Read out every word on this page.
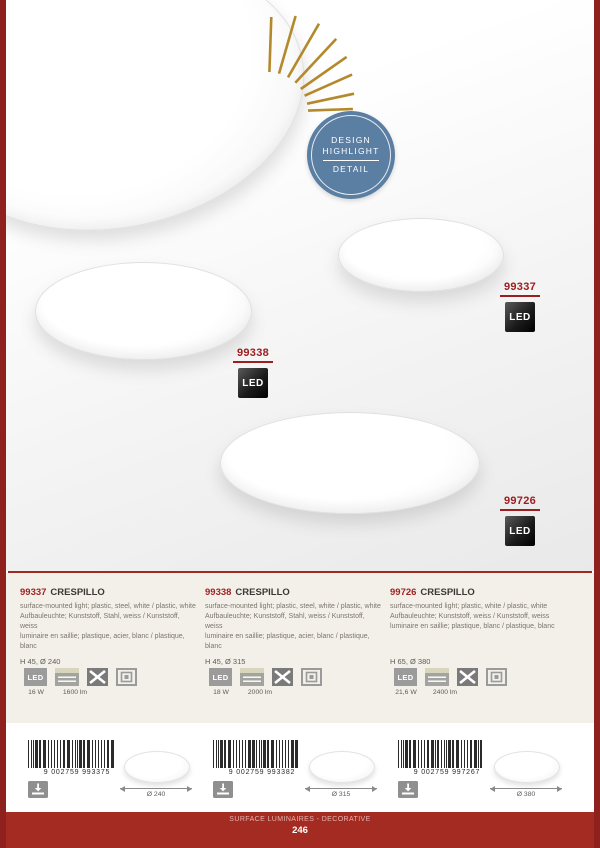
DESIGN
HIGHLIGHT
DETAIL
99337
LED
99338
LED
99726
LED
99337 CRESPILLO
surface-mounted light; plastic, steel, white / plastic, white
Aufbauleuchte; Kunststoff, Stahl, weiss / Kunststoff, weiss
luminaire en saillie; plastique, acier, blanc / plastique, blanc
H 45, Ø 240
LED
16 W	1600 lm
9 002759 993375
Ø 240
99338 CRESPILLO
surface-mounted light; plastic, steel, white / plastic, white
Aufbauleuchte; Kunststoff, Stahl, weiss / Kunststoff, weiss
luminaire en saillie; plastique, acier, blanc / plastique, blanc
H 45, Ø 315
LED
18 W	2000 lm
9 002759 993382
Ø 315
99726 CRESPILLO
surface-mounted light; plastic, white / plastic, white
Aufbauleuchte; Kunststoff, weiss / Kunststoff, weiss
luminaire en saillie; plastique, blanc / plastique, blanc
H 65, Ø 380
LED
21,6 W	2400 lm
9 002759 997267
Ø 380
SURFACE LUMINAIRES - DECORATIVE
246
